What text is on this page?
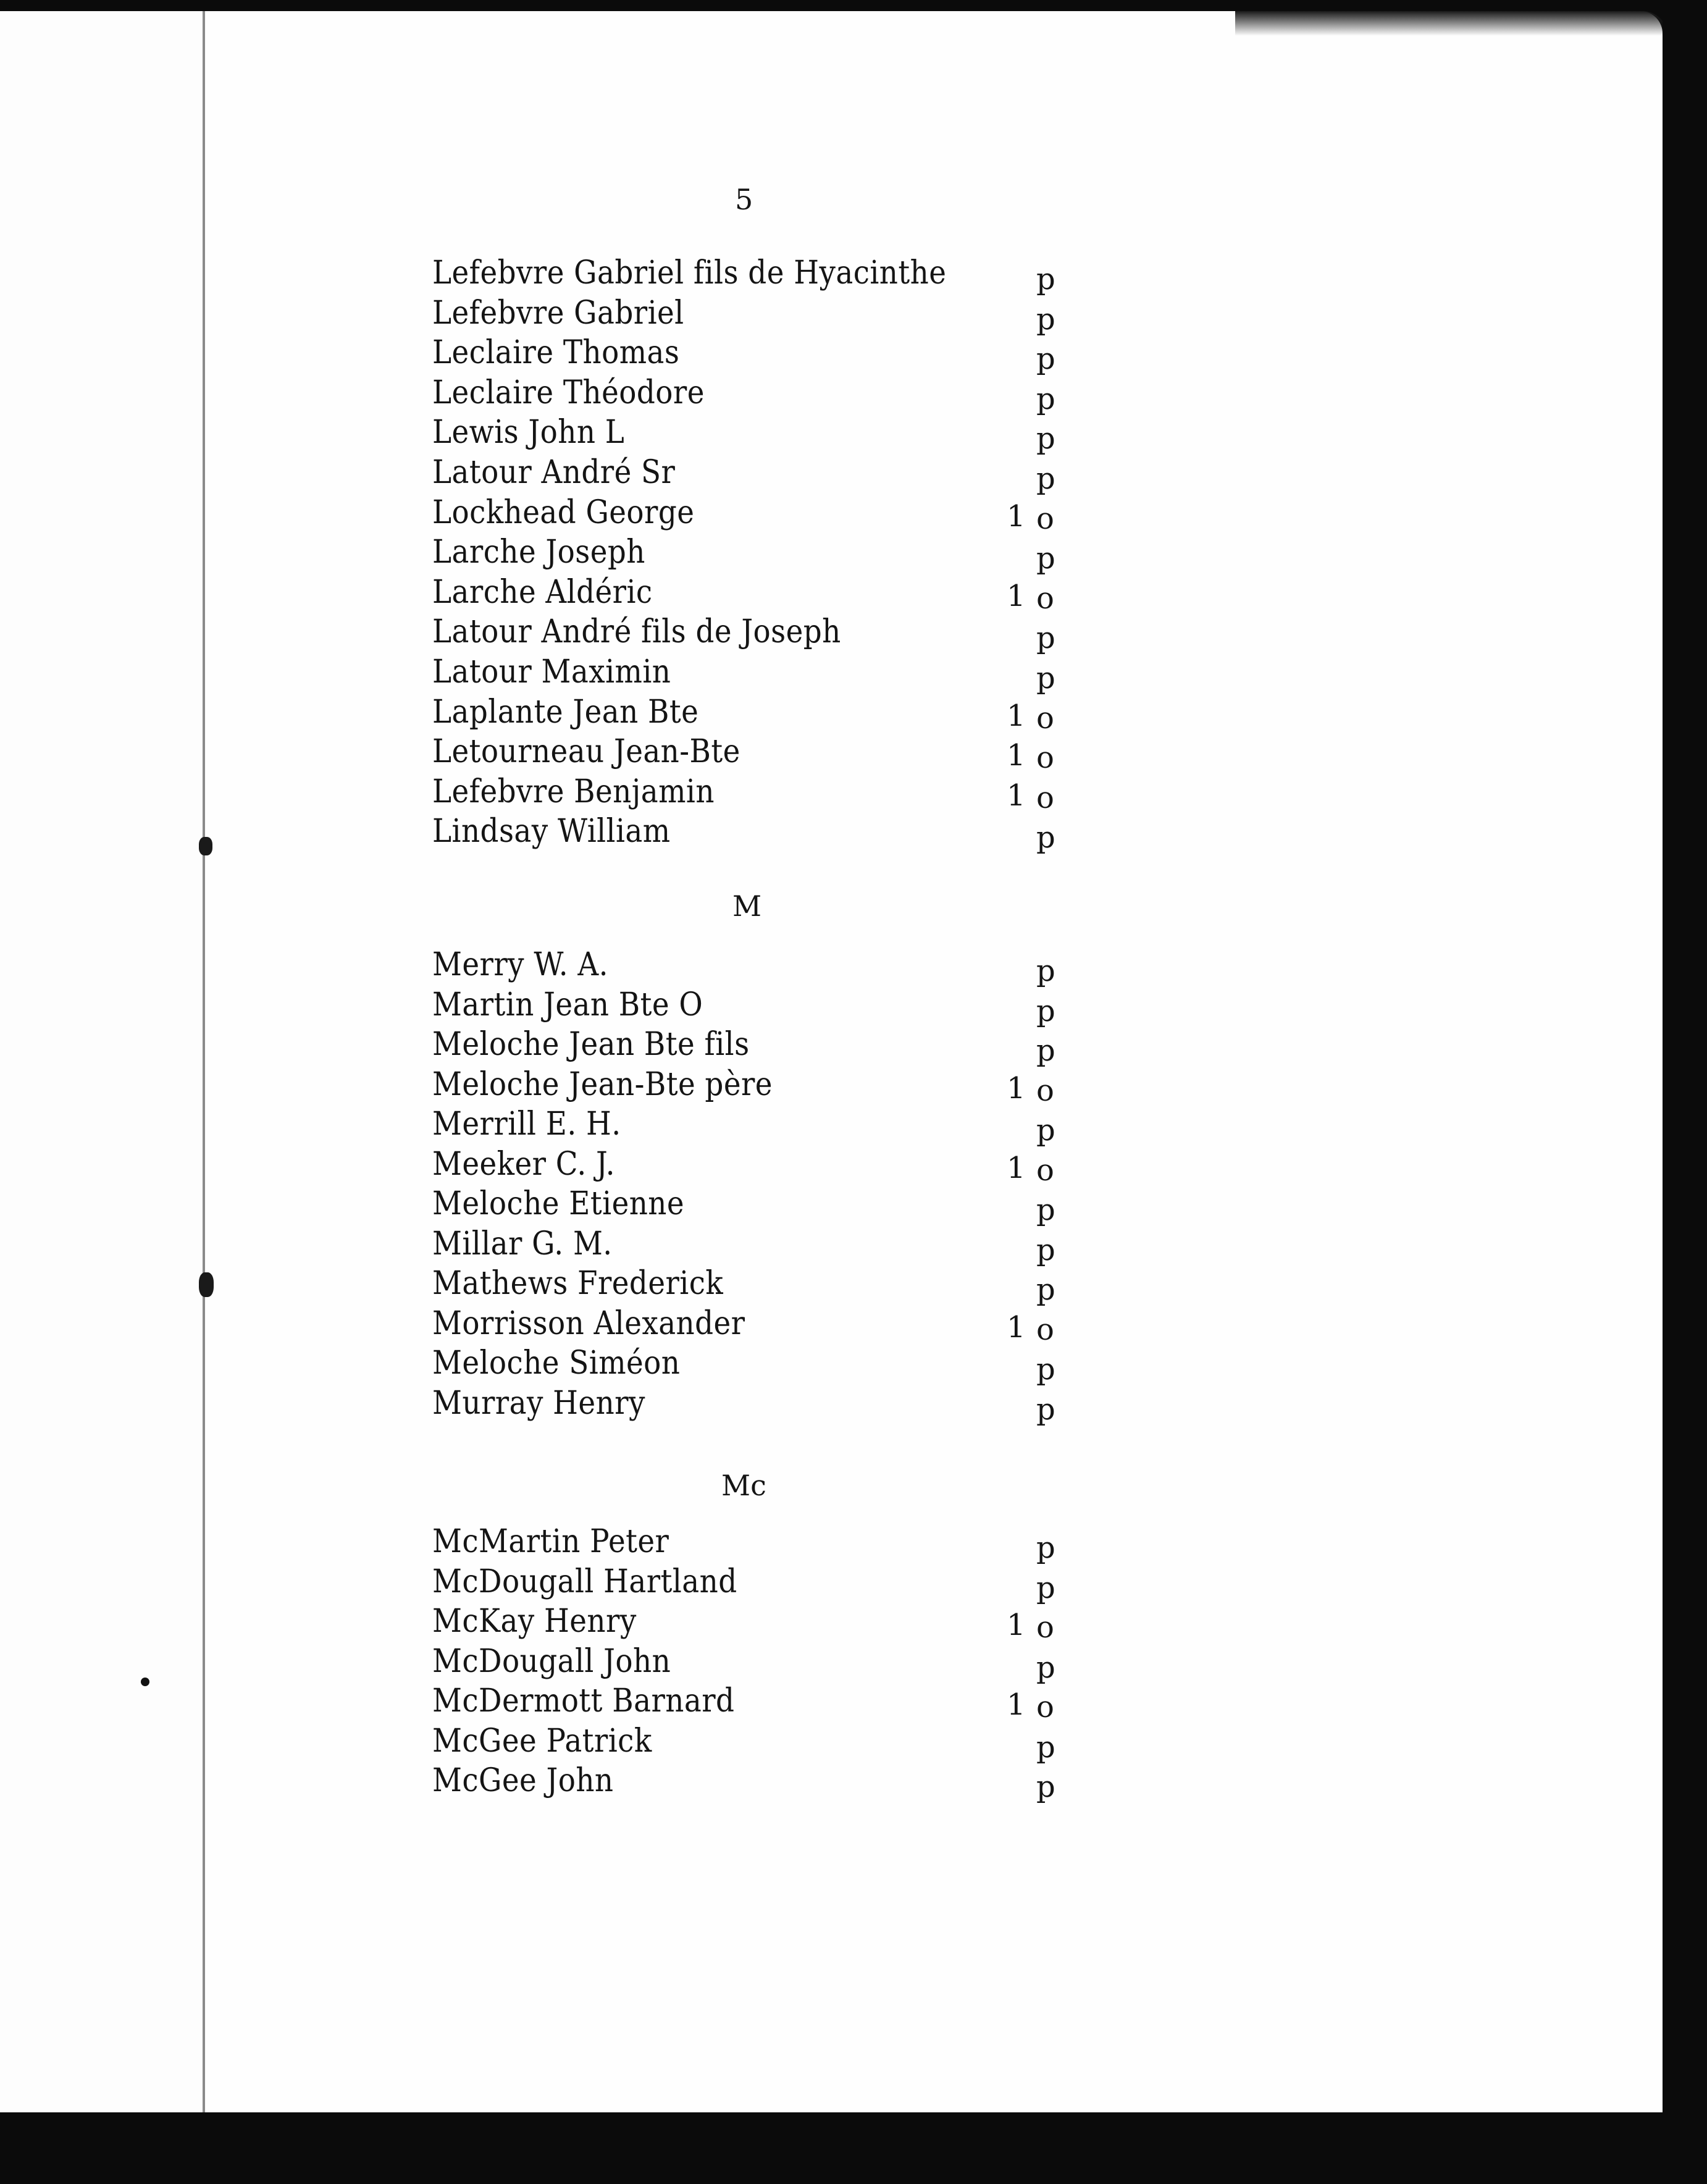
5
Lefebvre Gabriel fils de Hyacinthe	p
Lefebvre Gabriel	p
Leclaire Thomas	p
Leclaire Théodore	p
Lewis John L	p
Latour André Sr	p
Lockhead George	1 o
Larche Joseph	p
Larche Aldéric	1 o
Latour André fils de Joseph	p
Latour Maximin	p
Laplante Jean Bte	1 o
Letourneau Jean-Bte	1 o
Lefebvre Benjamin	1 o
Lindsay William	p
M
Merry W. A.	p
Martin Jean Bte O	p
Meloche Jean Bte fils	p
Meloche Jean-Bte père	1 o
Merrill E. H.	p
Meeker C. J.	1 o
Meloche Etienne	p
Millar G. M.	p
Mathews Frederick	p
Morrisson Alexander	1 o
Meloche Siméon	p
Murray Henry	p
Mc
McMartin Peter	p
McDougall Hartland	p
McKay Henry	1 o
McDougall John	p
McDermott Barnard	1 o
McGee Patrick	p
McGee John	p
